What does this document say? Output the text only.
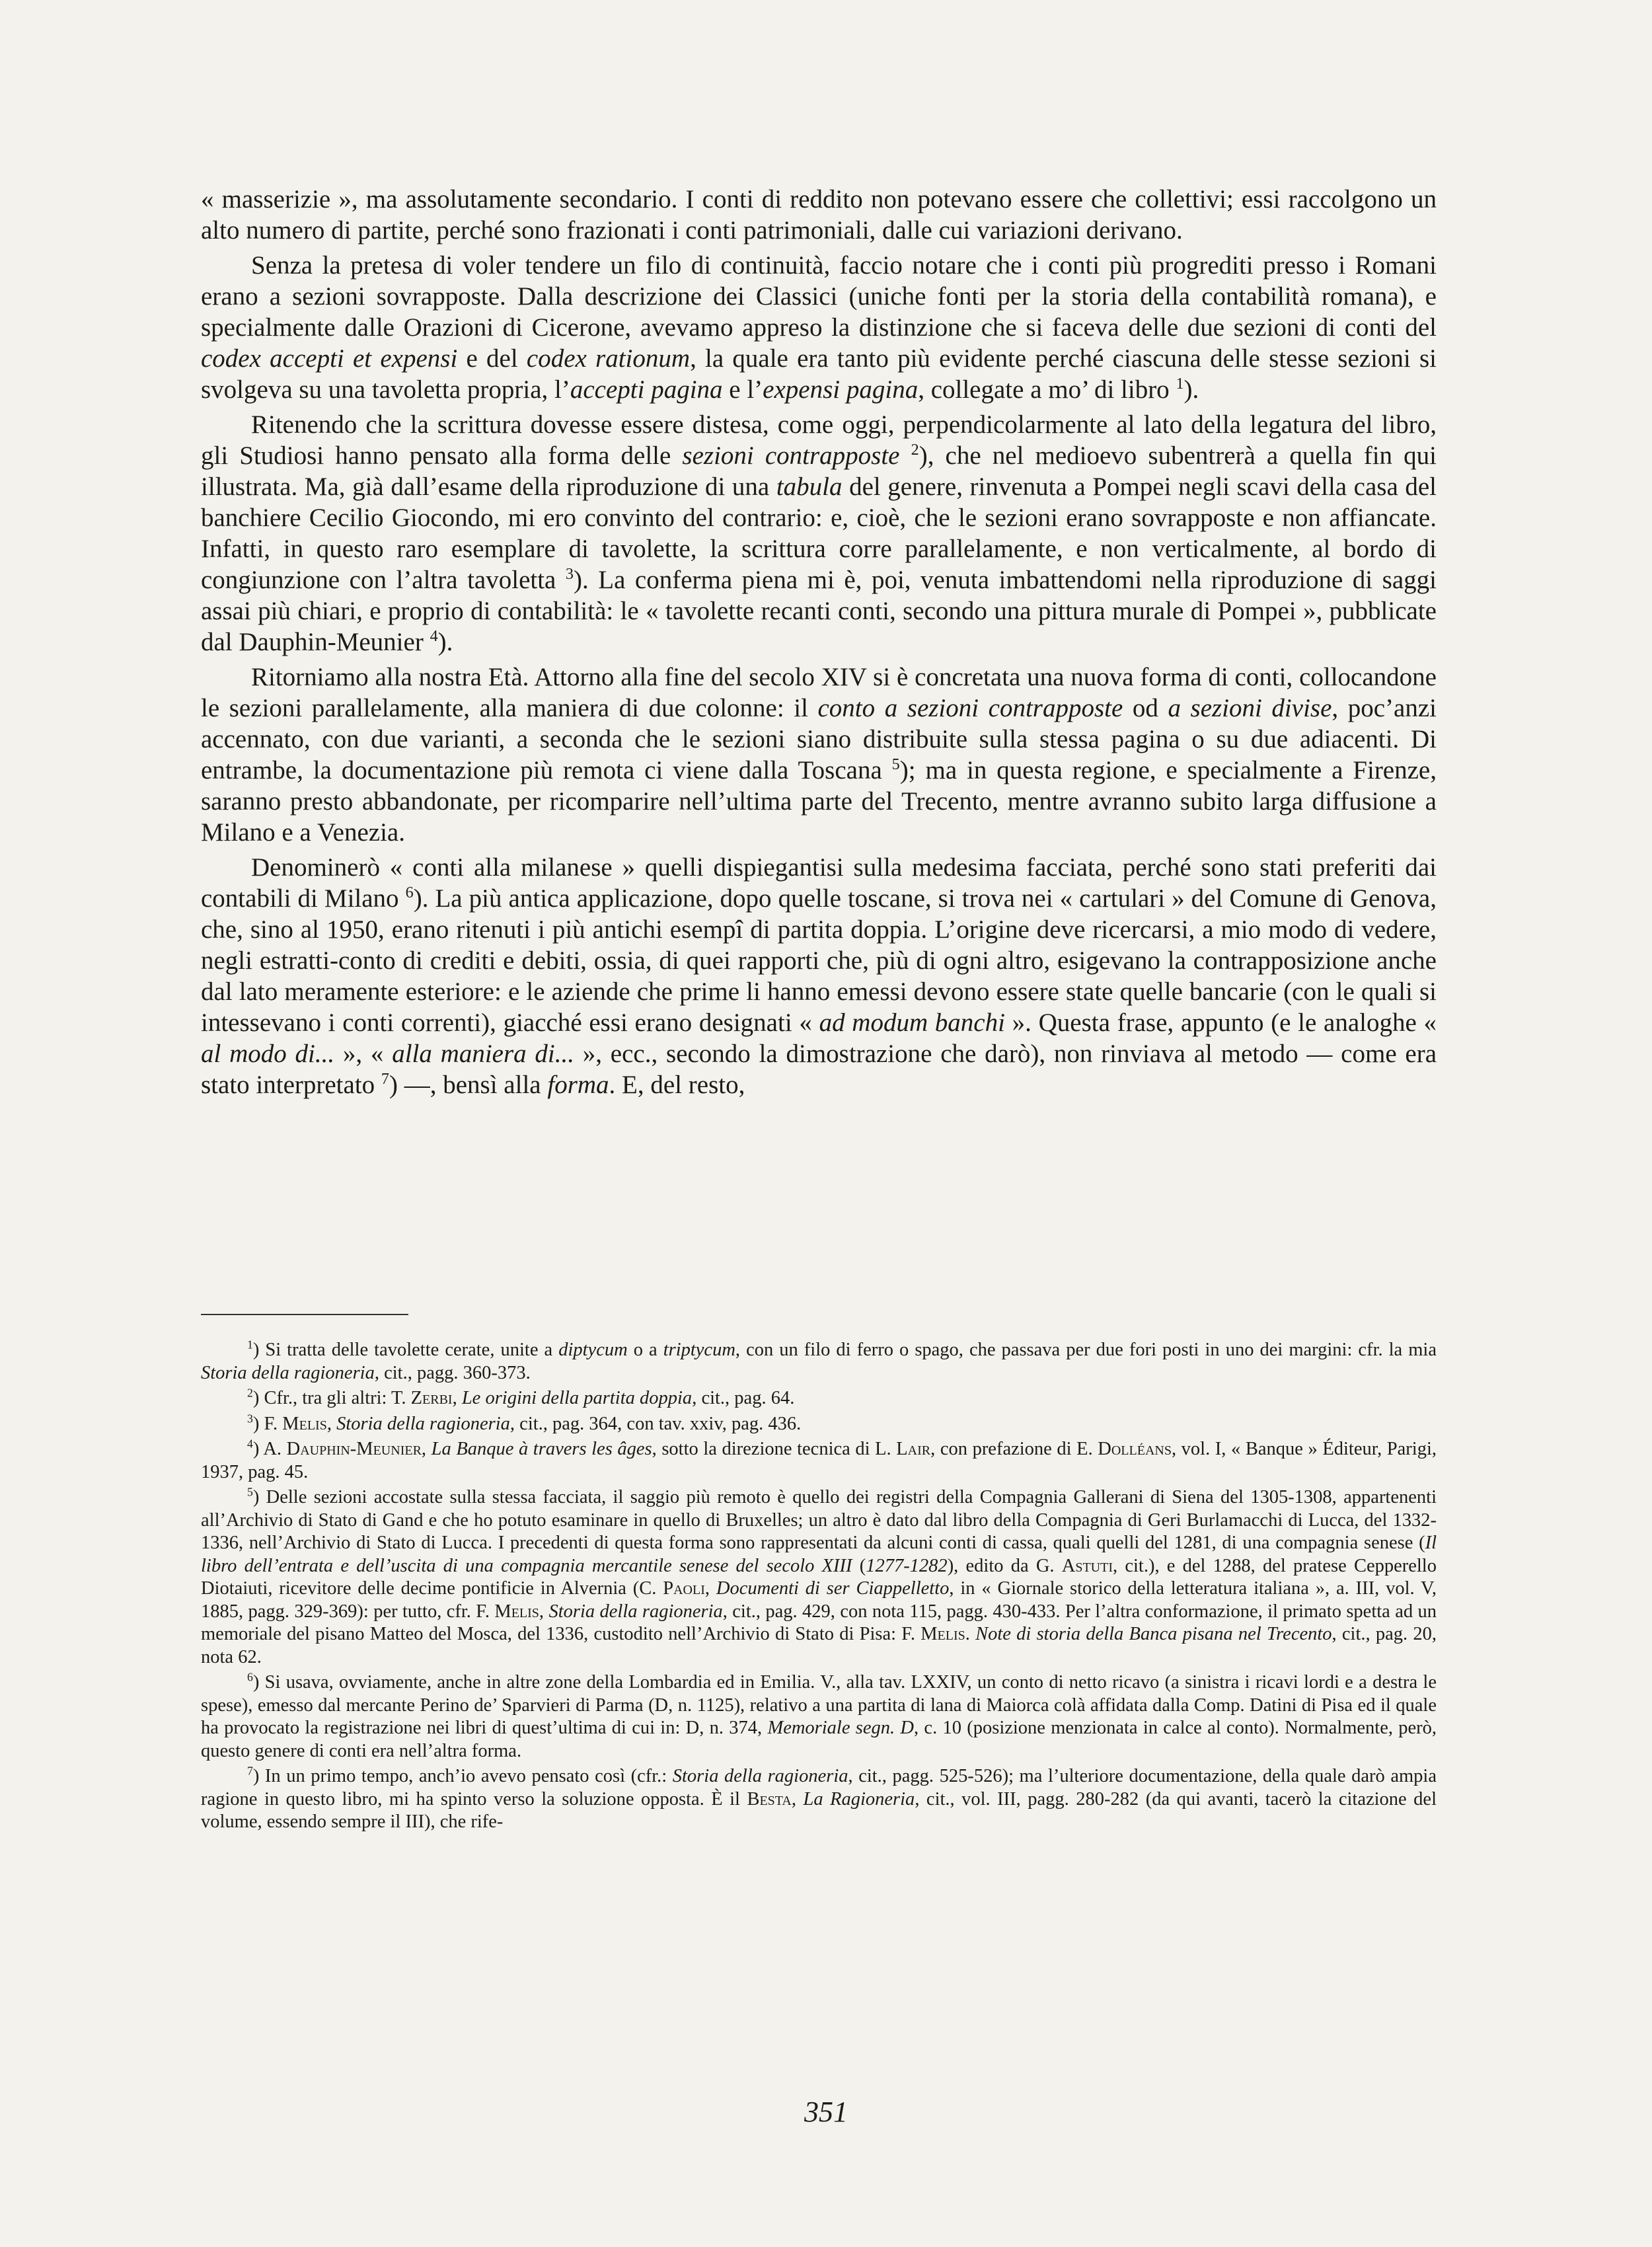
« masserizie », ma assolutamente secondario. I conti di reddito non potevano essere che collettivi; essi raccolgono un alto numero di partite, perché sono frazionati i conti patrimoniali, dalle cui variazioni derivano.

Senza la pretesa di voler tendere un filo di continuità, faccio notare che i conti più progrediti presso i Romani erano a sezioni sovrapposte. Dalla descrizione dei Classici (uniche fonti per la storia della contabilità romana), e specialmente dalle Orazioni di Cicerone, avevamo appreso la distinzione che si faceva delle due sezioni di conti del codex accepti et expensi e del codex rationum, la quale era tanto più evidente perché ciascuna delle stesse sezioni si svolgeva su una tavoletta propria, l’accepti pagina e l’expensi pagina, collegate a mo’ di libro $^1$).

Ritenendo che la scrittura dovesse essere distesa, come oggi, perpendicolarmente al lato della legatura del libro, gli Studiosi hanno pensato alla forma delle sezioni contrapposte $^2$), che nel medioevo subentrerà a quella fin qui illustrata. Ma, già dall’esame della riproduzione di una tabula del genere, rinvenuta a Pompei negli scavi della casa del banchiere Cecilio Giocondo, mi ero convinto del contrario: e, cioè, che le sezioni erano sovrapposte e non affiancate. Infatti, in questo raro esemplare di tavolette, la scrittura corre parallelamente, e non verticalmente, al bordo di congiunzione con l’altra tavoletta $^3$). La conferma piena mi è, poi, venuta imbattendomi nella riproduzione di saggi assai più chiari, e proprio di contabilità: le « tavolette recanti conti, secondo una pittura murale di Pompei », pubblicate dal Dauphin-Meunier $^4$).

Ritorniamo alla nostra Età. Attorno alla fine del secolo XIV si è concretata una nuova forma di conti, collocandone le sezioni parallelamente, alla maniera di due colonne: il conto a sezioni contrapposte od a sezioni divise, poc’anzi accennato, con due varianti, a seconda che le sezioni siano distribuite sulla stessa pagina o su due adiacenti. Di entrambe, la documentazione più remota ci viene dalla Toscana $^5$); ma in questa regione, e specialmente a Firenze, saranno presto abbandonate, per ricomparire nell’ultima parte del Trecento, mentre avranno subito larga diffusione a Milano e a Venezia.

Denominerò « conti alla milanese » quelli dispiegantisi sulla medesima facciata, perché sono stati preferiti dai contabili di Milano $^6$). La più antica applicazione, dopo quelle toscane, si trova nei « cartulari » del Comune di Genova, che, sino al 1950, erano ritenuti i più antichi esempî di partita doppia. L’origine deve ricercarsi, a mio modo di vedere, negli estratti-conto di crediti e debiti, ossia, di quei rapporti che, più di ogni altro, esigevano la contrapposizione anche dal lato meramente esteriore: e le aziende che prime li hanno emessi devono essere state quelle bancarie (con le quali si intessevano i conti correnti), giacché essi erano designati « ad modum banchi ». Questa frase, appunto (e le analoghe « al modo di... », « alla maniera di... », ecc., secondo la dimostrazione che darò), non rinviava al metodo — come era stato interpretato $^7$) —, bensì alla forma. E, del resto,

$^1$) Si tratta delle tavolette cerate, unite a diptycum o a triptycum, con un filo di ferro o spago, che passava per due fori posti in uno dei margini: cfr. la mia Storia della ragioneria, cit., pagg. 360-373.

$^2$) Cfr., tra gli altri: T. Zerbi, Le origini della partita doppia, cit., pag. 64.

$^3$) F. Melis, Storia della ragioneria, cit., pag. 364, con tav. xxiv, pag. 436.

$^4$) A. Dauphin-Meunier, La Banque à travers les âges, sotto la direzione tecnica di L. Lair, con prefazione di E. Dolléans, vol. I, « Banque » Éditeur, Parigi, 1937, pag. 45.

$^5$) Delle sezioni accostate sulla stessa facciata, il saggio più remoto è quello dei registri della Compagnia Gallerani di Siena del 1305-1308, appartenenti all’Archivio di Stato di Gand e che ho potuto esaminare in quello di Bruxelles; un altro è dato dal libro della Compagnia di Geri Burlamacchi di Lucca, del 1332-1336, nell’Archivio di Stato di Lucca. I precedenti di questa forma sono rappresentati da alcuni conti di cassa, quali quelli del 1281, di una compagnia senese (Il libro dell’entrata e dell’uscita di una compagnia mercantile senese del secolo XIII (1277-1282), edito da G. Astuti, cit.), e del 1288, del pratese Cepperello Diotaiuti, ricevitore delle decime pontificie in Alvernia (C. Paoli, Documenti di ser Ciappelletto, in « Giornale storico della letteratura italiana », a. III, vol. V, 1885, pagg. 329-369): per tutto, cfr. F. Melis, Storia della ragioneria, cit., pag. 429, con nota 115, pagg. 430-433. Per l’altra conformazione, il primato spetta ad un memoriale del pisano Matteo del Mosca, del 1336, custodito nell’Archivio di Stato di Pisa: F. Melis. Note di storia della Banca pisana nel Trecento, cit., pag. 20, nota 62.

$^6$) Si usava, ovviamente, anche in altre zone della Lombardia ed in Emilia. V., alla tav. LXXIV, un conto di netto ricavo (a sinistra i ricavi lordi e a destra le spese), emesso dal mercante Perino de’ Sparvieri di Parma (D, n. 1125), relativo a una partita di lana di Maiorca colà affidata dalla Comp. Datini di Pisa ed il quale ha provocato la registrazione nei libri di quest’ultima di cui in: D, n. 374, Memoriale segn. D, c. 10 (posizione menzionata in calce al conto). Normalmente, però, questo genere di conti era nell’altra forma.

$^7$) In un primo tempo, anch’io avevo pensato così (cfr.: Storia della ragioneria, cit., pagg. 525-526); ma l’ulteriore documentazione, della quale darò ampia ragione in questo libro, mi ha spinto verso la soluzione opposta. È il Besta, La Ragioneria, cit., vol. III, pagg. 280-282 (da qui avanti, tacerò la citazione del volume, essendo sempre il III), che rife-

351
